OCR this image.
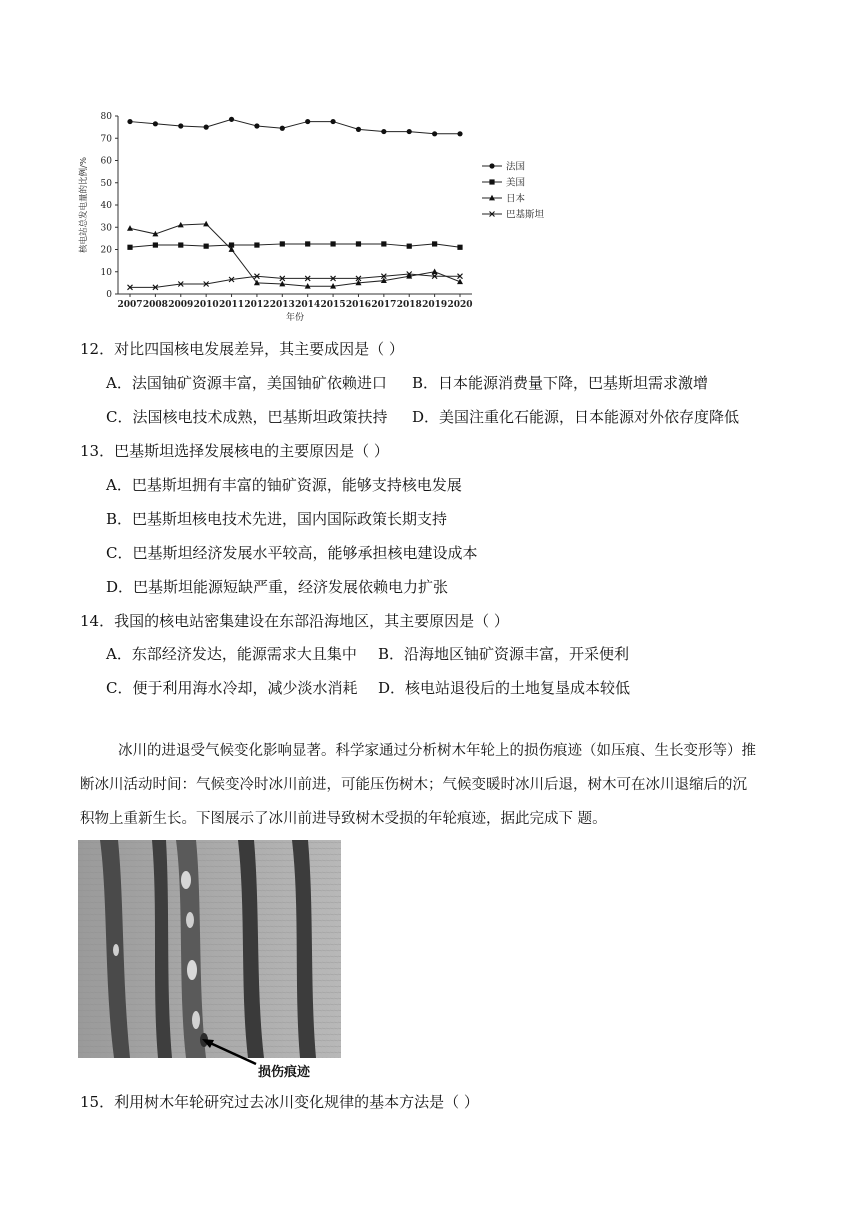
0
10
20
30
40
50
60
70
80
2007 2008 2009 2010 2011 2012 2013 2014 2015 2016 2017 2018 2019 2020
年份
核电站总发电量的比例/%	法国
美国
日本
巴基斯坦
12．对比四国核电发展差异，其主要成因是（ ）
A．法国铀矿资源丰富，美国铀矿依赖进口 B．日本能源消费量下降，巴基斯坦需求激增
C．法国核电技术成熟，巴基斯坦政策扶持 D．美国注重化石能源，日本能源对外依存度降低
13．巴基斯坦选择发展核电的主要原因是（ ）
A．巴基斯坦拥有丰富的铀矿资源，能够支持核电发展
B．巴基斯坦核电技术先进，国内国际政策长期支持
C．巴基斯坦经济发展水平较高，能够承担核电建设成本
D．巴基斯坦能源短缺严重，经济发展依赖电力扩张
14．我国的核电站密集建设在东部沿海地区，其主要原因是（ ）
A．东部经济发达，能源需求大且集中 B．沿海地区铀矿资源丰富，开采便利
C．便于利用海水冷却，减少淡水消耗 D．核电站退役后的土地复垦成本较低

冰川的进退受气候变化影响显著。科学家通过分析树木年轮上的损伤痕迹（如压痕、生长变形等）推

断冰川活动时间：气候变冷时冰川前进，可能压伤树木；气候变暖时冰川后退，树木可在冰川退缩后的沉

积物上重新生长。下图展示了冰川前进导致树木受损的年轮痕迹，据此完成下 题。

损伤痕迹
15．利用树木年轮研究过去冰川变化规律的基本方法是（ ）
